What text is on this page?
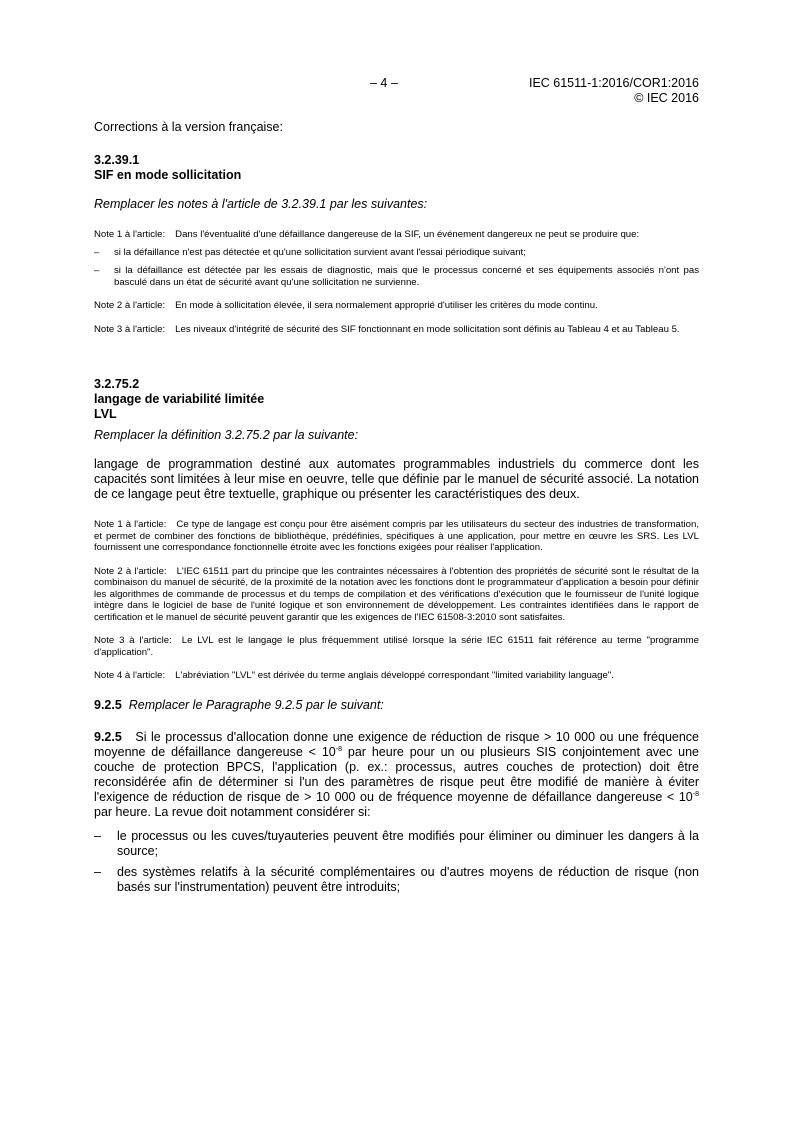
– 4 –	IEC 61511-1:2016/COR1:2016
© IEC 2016

Corrections à la version française:

3.2.39.1

SIF en mode sollicitation

Remplacer les notes à l'article de 3.2.39.1 par les suivantes:

Note 1 à l'article: Dans l'éventualité d'une défaillance dangereuse de la SIF, un événement dangereux ne peut se produire que:

– si la défaillance n'est pas détectée et qu'une sollicitation survient avant l'essai périodique suivant;

– si la défaillance est détectée par les essais de diagnostic, mais que le processus concerné et ses équipements associés n'ont pas basculé dans un état de sécurité avant qu'une sollicitation ne survienne.

Note 2 à l'article: En mode à sollicitation élevée, il sera normalement approprié d'utiliser les critères du mode continu.

Note 3 à l'article: Les niveaux d'intégrité de sécurité des SIF fonctionnant en mode sollicitation sont définis au Tableau 4 et au Tableau 5.

3.2.75.2

langage de variabilité limitée

LVL

Remplacer la définition 3.2.75.2 par la suivante:

langage de programmation destiné aux automates programmables industriels du commerce dont les capacités sont limitées à leur mise en oeuvre, telle que définie par le manuel de sécurité associé. La notation de ce langage peut être textuelle, graphique ou présenter les caractéristiques des deux.

Note 1 à l'article: Ce type de langage est conçu pour être aisément compris par les utilisateurs du secteur des industries de transformation, et permet de combiner des fonctions de bibliothèque, prédéfinies, spécifiques à une application, pour mettre en œuvre les SRS. Les LVL fournissent une correspondance fonctionnelle étroite avec les fonctions exigées pour réaliser l'application.

Note 2 à l'article: L'IEC 61511 part du principe que les contraintes nécessaires à l'obtention des propriétés de sécurité sont le résultat de la combinaison du manuel de sécurité, de la proximité de la notation avec les fonctions dont le programmateur d'application a besoin pour définir les algorithmes de commande de processus et du temps de compilation et des vérifications d'exécution que le fournisseur de l'unité logique intègre dans le logiciel de base de l'unité logique et son environnement de développement. Les contraintes identifiées dans le rapport de certification et le manuel de sécurité peuvent garantir que les exigences de l'IEC 61508-3:2010 sont satisfaites.

Note 3 à l'article: Le LVL est le langage le plus fréquemment utilisé lorsque la série IEC 61511 fait référence au terme "programme d'application".

Note 4 à l'article: L'abréviation "LVL" est dérivée du terme anglais développé correspondant "limited variability language".

9.2.5 Remplacer le Paragraphe 9.2.5 par le suivant:

9.2.5 Si le processus d'allocation donne une exigence de réduction de risque > 10 000 ou une fréquence moyenne de défaillance dangereuse < $10^{-8}$ par heure pour un ou plusieurs SIS conjointement avec une couche de protection BPCS, l'application (p. ex.: processus, autres couches de protection) doit être reconsidérée afin de déterminer si l'un des paramètres de risque peut être modifié de manière à éviter l'exigence de réduction de risque de > 10 000 ou de fréquence moyenne de défaillance dangereuse < $10^{-8}$ par heure. La revue doit notamment considérer si:

– le processus ou les cuves/tuyauteries peuvent être modifiés pour éliminer ou diminuer les dangers à la source;

– des systèmes relatifs à la sécurité complémentaires ou d'autres moyens de réduction de risque (non basés sur l'instrumentation) peuvent être introduits;
